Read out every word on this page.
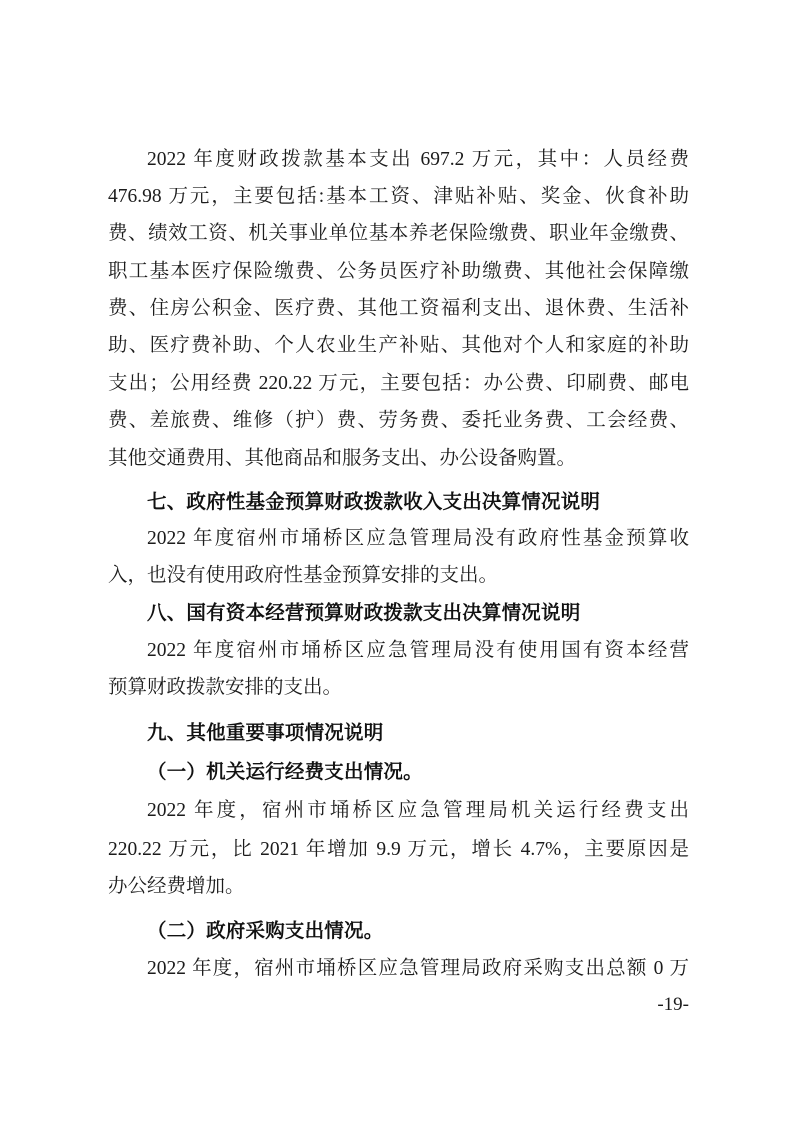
2022 年度财政拨款基本支出 697.2 万元，其中：人员经费
476.98 万元，主要包括:基本工资、津贴补贴、奖金、伙食补助
费、绩效工资、机关事业单位基本养老保险缴费、职业年金缴费、
职工基本医疗保险缴费、公务员医疗补助缴费、其他社会保障缴
费、住房公积金、医疗费、其他工资福利支出、退休费、生活补
助、医疗费补助、个人农业生产补贴、其他对个人和家庭的补助
支出；公用经费 220.22 万元，主要包括：办公费、印刷费、邮电
费、差旅费、维修（护）费、劳务费、委托业务费、工会经费、
其他交通费用、其他商品和服务支出、办公设备购置。
七、政府性基金预算财政拨款收入支出决算情况说明
2022 年度宿州市埇桥区应急管理局没有政府性基金预算收
入，也没有使用政府性基金预算安排的支出。
八、国有资本经营预算财政拨款支出决算情况说明
2022 年度宿州市埇桥区应急管理局没有使用国有资本经营
预算财政拨款安排的支出。
九、其他重要事项情况说明
（一）机关运行经费支出情况。
2022 年度，宿州市埇桥区应急管理局机关运行经费支出
220.22 万元，比 2021 年增加 9.9 万元，增长 4.7%，主要原因是
办公经费增加。
（二）政府采购支出情况。
2022 年度，宿州市埇桥区应急管理局政府采购支出总额 0 万
-19-
